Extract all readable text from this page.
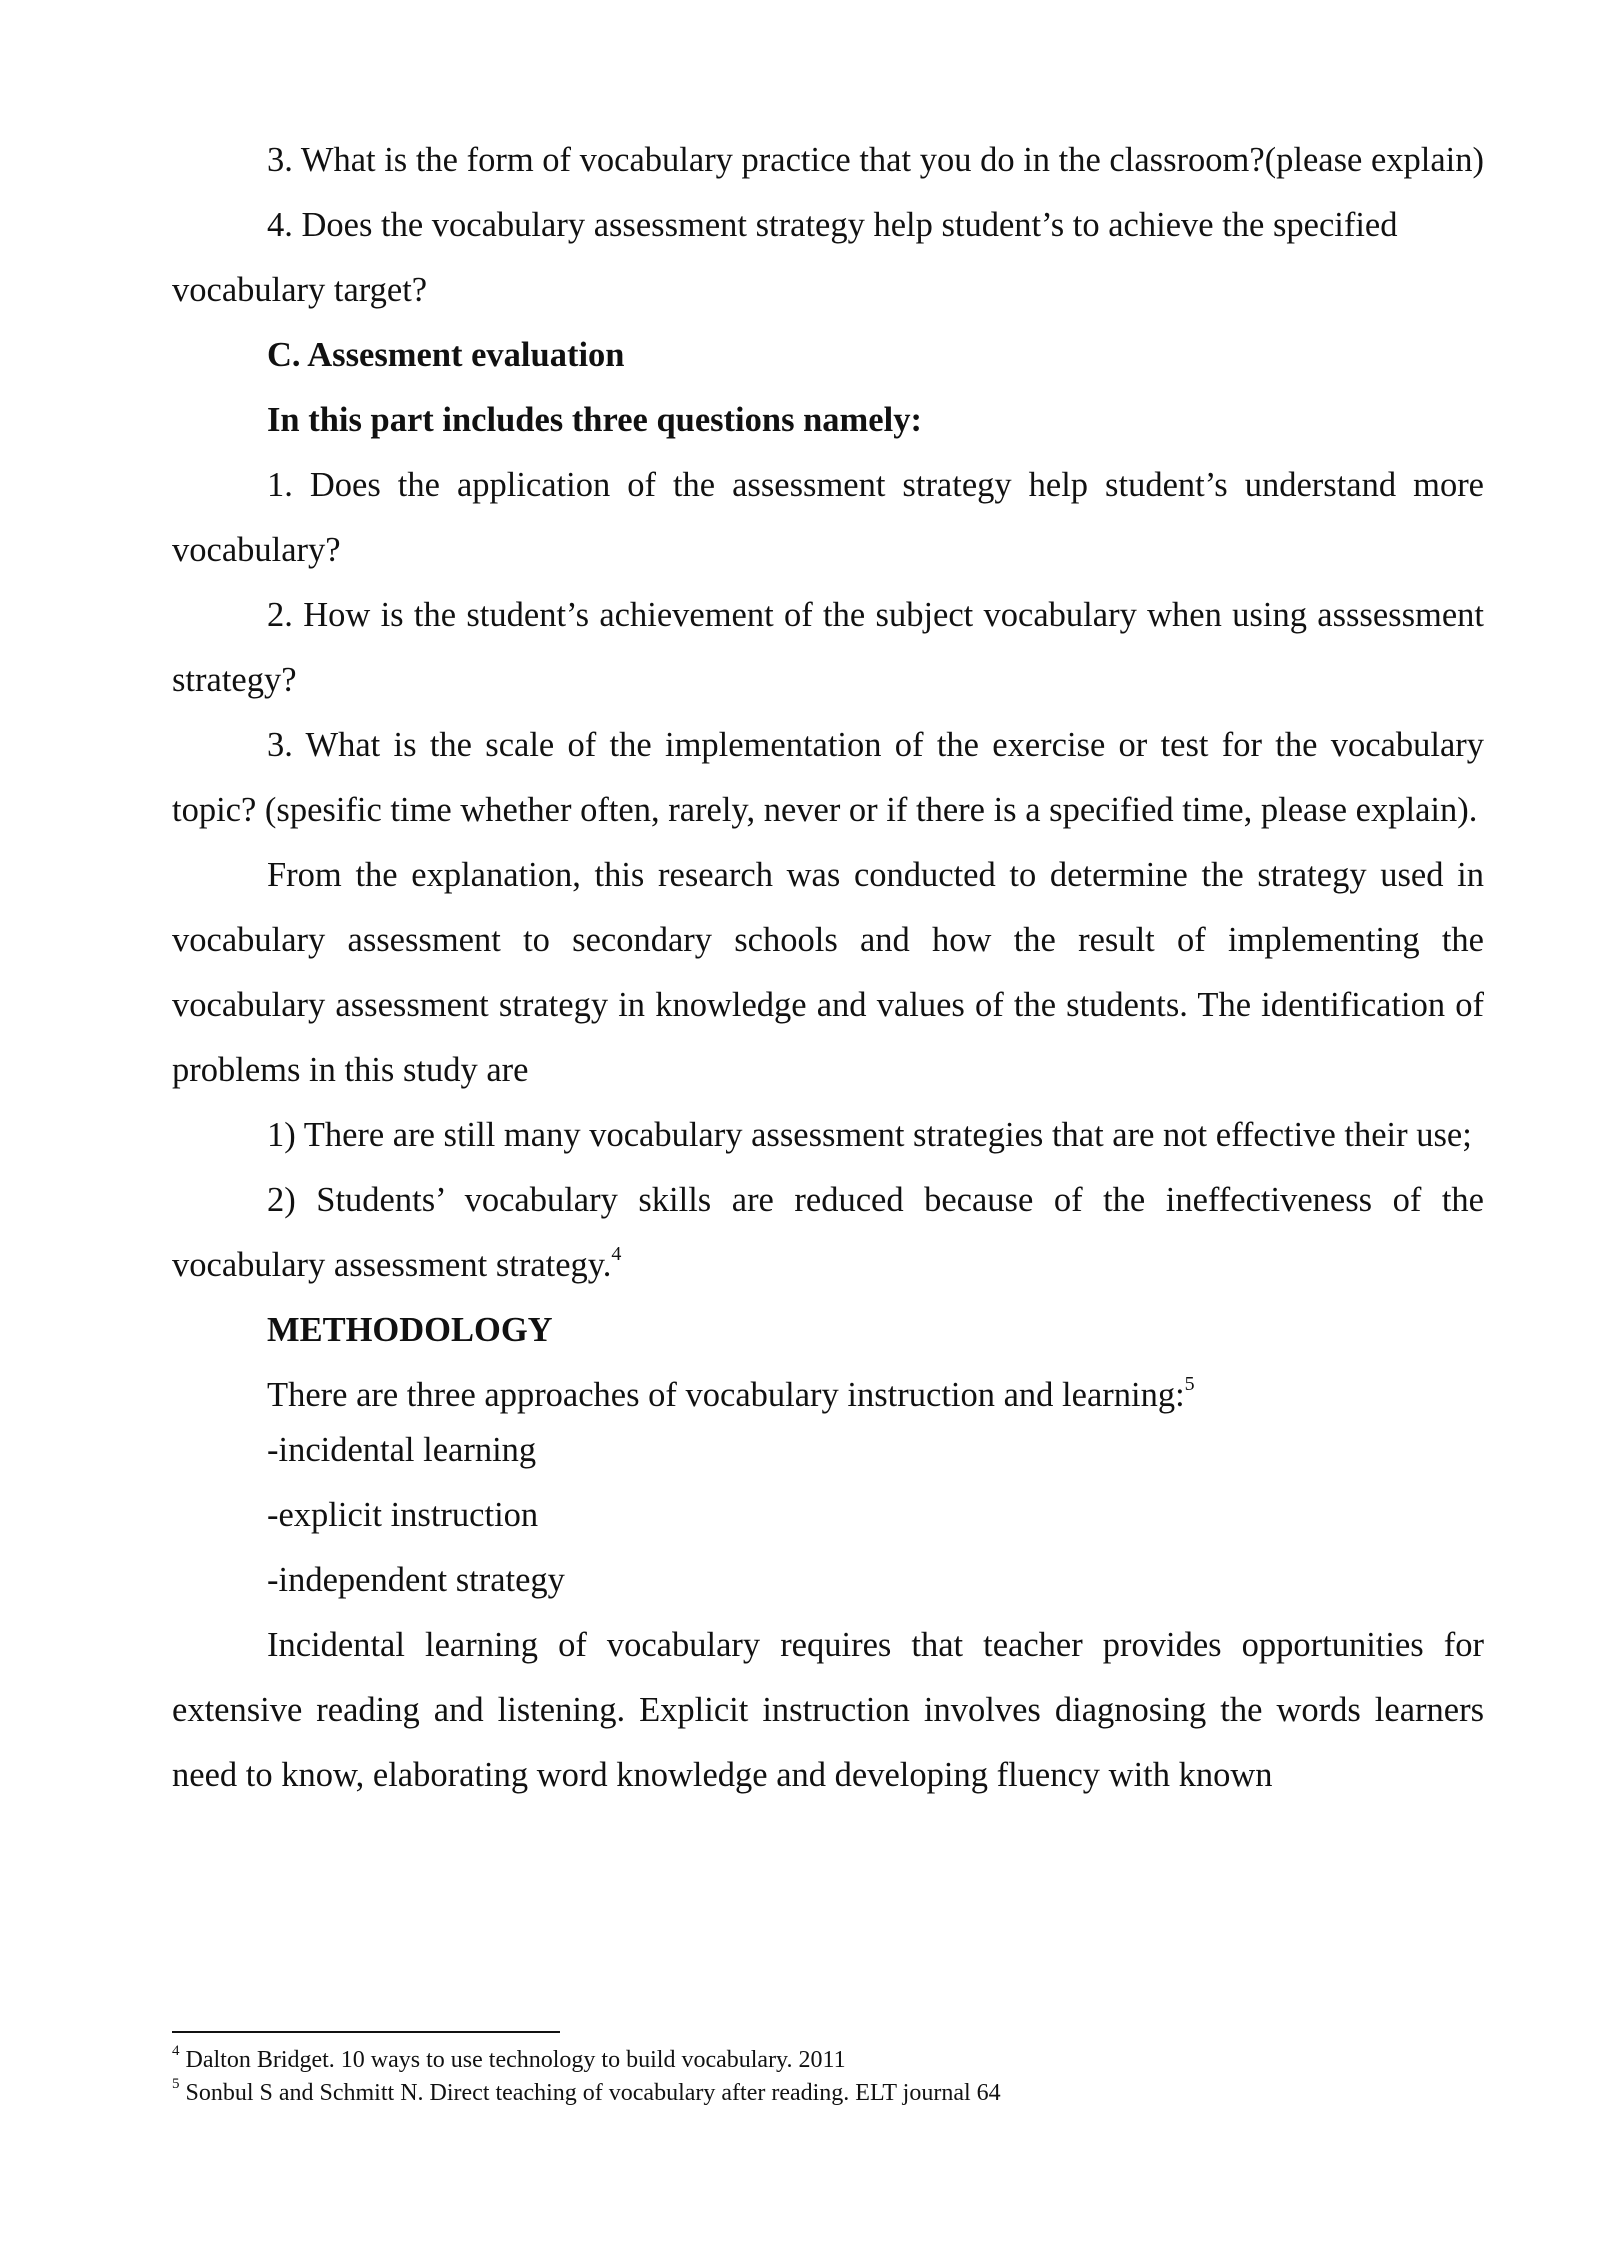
3. What is the form of vocabulary practice that you do in the classroom?(please explain)

4. Does the vocabulary assessment strategy help student’s to achieve the specified vocabulary target?

C. Assesment evaluation

In this part includes three questions namely:

1. Does the application of the assessment strategy help student’s understand more vocabulary?

2. How is the student’s achievement of the subject vocabulary when using asssessment strategy?

3. What is the scale of the implementation of the exercise or test for the vocabulary topic? (spesific time whether often, rarely, never or if there is a specified time, please explain).

From the explanation, this research was conducted to determine the strategy used in vocabulary assessment to secondary schools and how the result of implementing the vocabulary assessment strategy in knowledge and values of the students. The identification of problems in this study are

1) There are still many vocabulary assessment strategies that are not effective their use;

2) Students’ vocabulary skills are reduced because of the ineffectiveness of the vocabulary assessment strategy.$^4$

METHODOLOGY

There are three approaches of vocabulary instruction and learning:$^5$

-incidental learning

-explicit instruction

-independent strategy

Incidental learning of vocabulary requires that teacher provides opportunities for extensive reading and listening. Explicit instruction involves diagnosing the words learners need to know, elaborating word knowledge and developing fluency with known

$^4$ Dalton Bridget. 10 ways to use technology to build vocabulary. 2011

$^5$ Sonbul S and Schmitt N. Direct teaching of vocabulary after reading. ELT journal 64
